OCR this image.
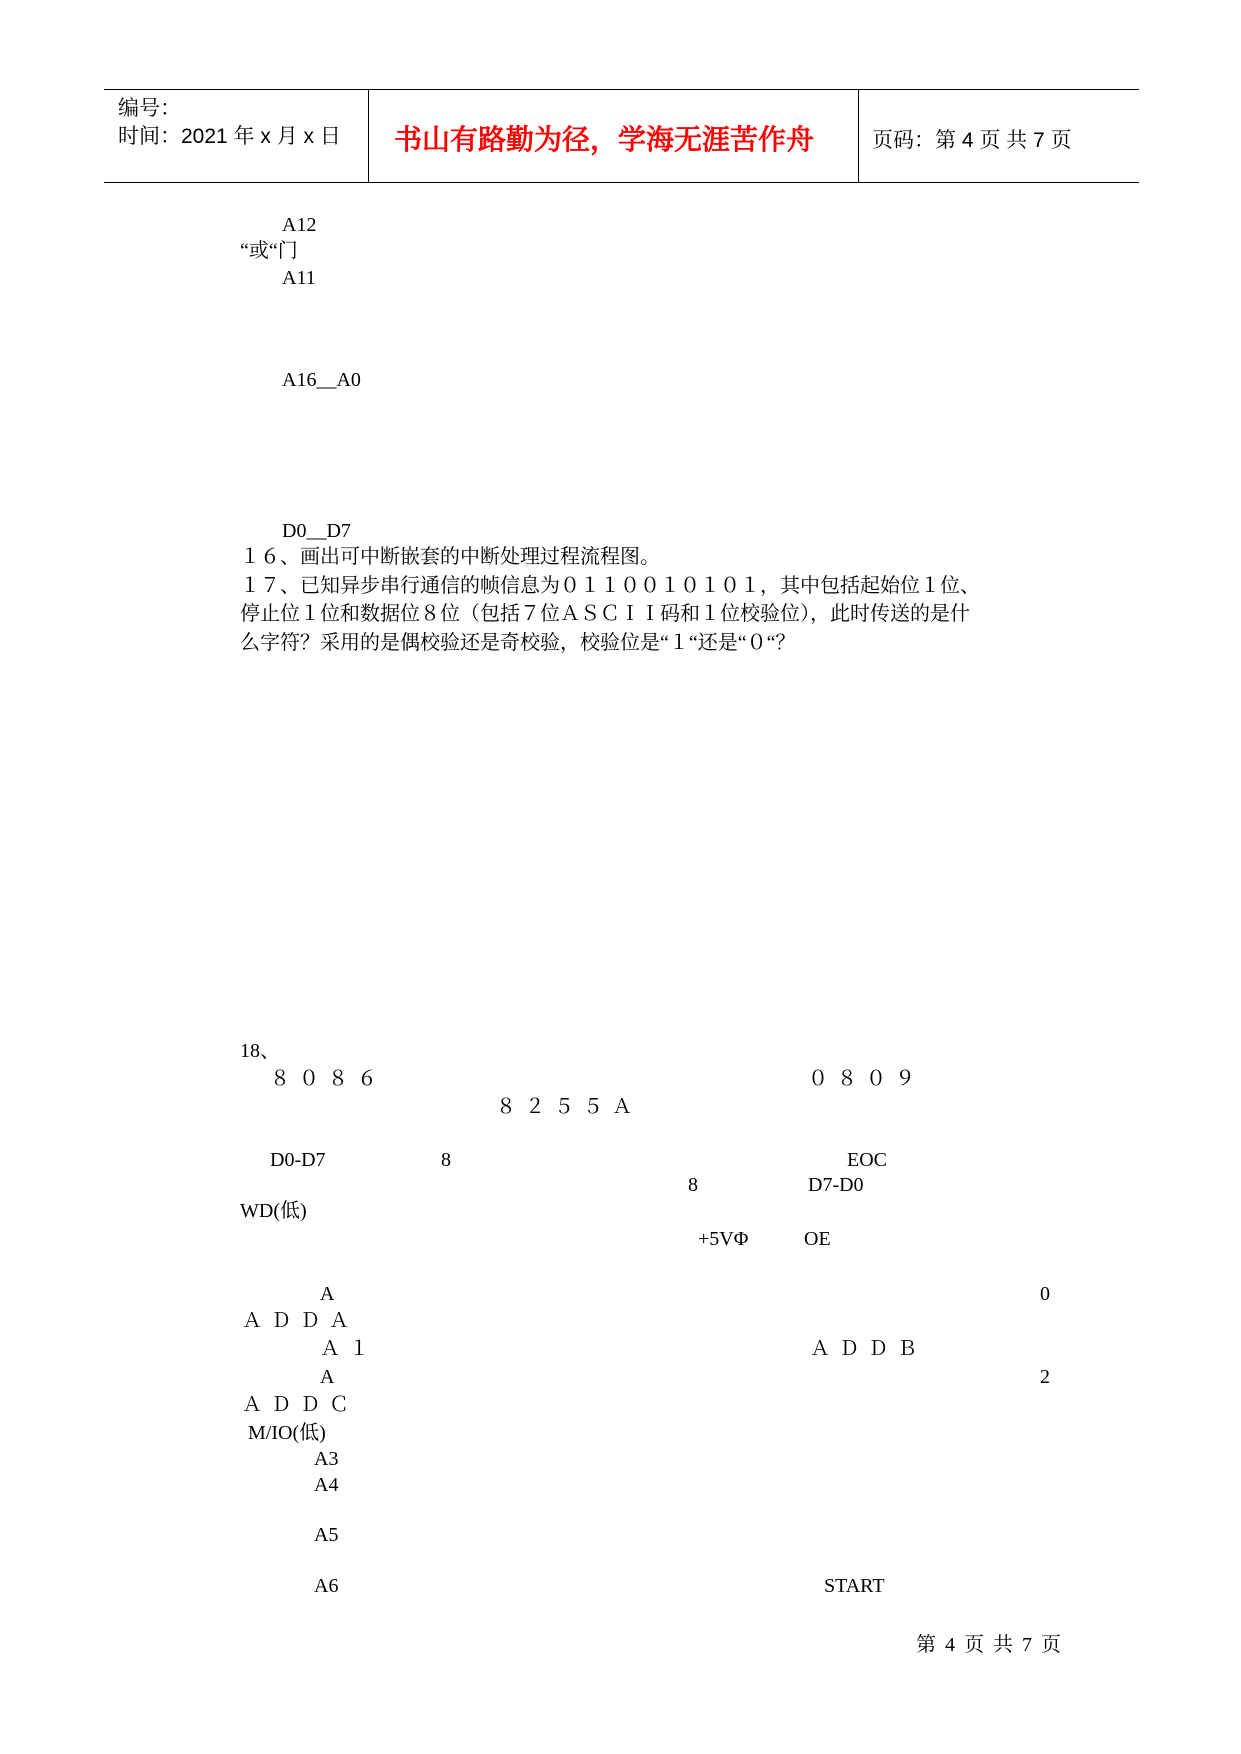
编号：
时间：2021 年 x 月 x 日 书山有路勤为径，学海无涯苦作舟	页码：第 4 页 共 7 页
A12
“或“门
A11
A16__A0
D0__D7
１６、画出可中断嵌套的中断处理过程流程图。
１７、已知异步串行通信的帧信息为０１１００１０１０１，其中包括起始位１位、
停止位１位和数据位８位（包括７位ＡＳＣＩＩ码和１位校验位），此时传送的是什
么字符？采用的是偶校验还是奇校验，校验位是“１“还是“０“？
18、
８０８６	０８０９
８２５５Ａ
D0-D7	8	EOC
8	D7-D0
WD(低)
+5VΦ	OE
A	0
ＡＤＤＡ
Ａ１	ＡＤＤＢ
A	2
ＡＤＤＣ
M/IO(低)
A3
A4
A5
A6	START
第 4 页 共 7 页
